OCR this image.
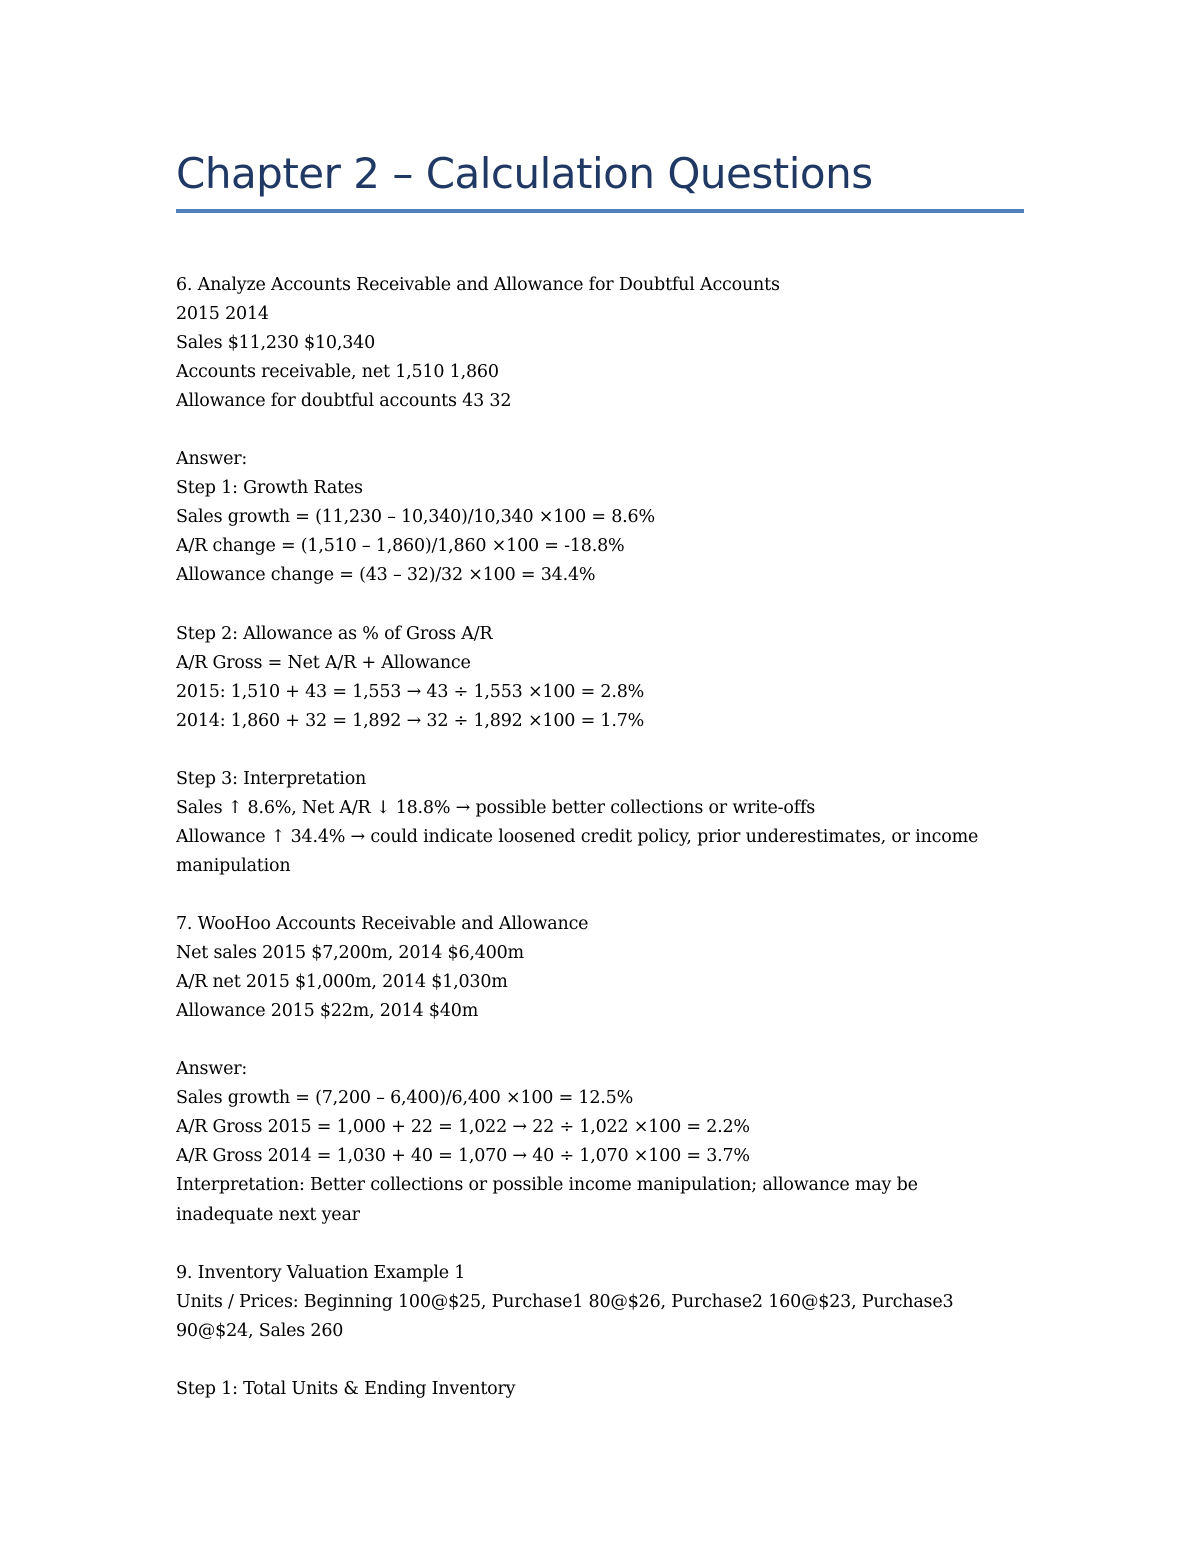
Chapter 2 – Calculation Questions
6. Analyze Accounts Receivable and Allowance for Doubtful Accounts
2015 2014
Sales $11,230 $10,340
Accounts receivable, net 1,510 1,860
Allowance for doubtful accounts 43 32
Answer:
Step 1: Growth Rates
Sales growth = (11,230 – 10,340)/10,340 ×100 = 8.6%
A/R change = (1,510 – 1,860)/1,860 ×100 = -18.8%
Allowance change = (43 – 32)/32 ×100 = 34.4%
Step 2: Allowance as % of Gross A/R
A/R Gross = Net A/R + Allowance
2015: 1,510 + 43 = 1,553 → 43 ÷ 1,553 ×100 = 2.8%
2014: 1,860 + 32 = 1,892 → 32 ÷ 1,892 ×100 = 1.7%
Step 3: Interpretation
Sales ↑ 8.6%, Net A/R ↓ 18.8% → possible better collections or write-offs
Allowance ↑ 34.4% → could indicate loosened credit policy, prior underestimates, or income
manipulation
7. WooHoo Accounts Receivable and Allowance
Net sales 2015 $7,200m, 2014 $6,400m
A/R net 2015 $1,000m, 2014 $1,030m
Allowance 2015 $22m, 2014 $40m
Answer:
Sales growth = (7,200 – 6,400)/6,400 ×100 = 12.5%
A/R Gross 2015 = 1,000 + 22 = 1,022 → 22 ÷ 1,022 ×100 = 2.2%
A/R Gross 2014 = 1,030 + 40 = 1,070 → 40 ÷ 1,070 ×100 = 3.7%
Interpretation: Better collections or possible income manipulation; allowance may be
inadequate next year
9. Inventory Valuation Example 1
Units / Prices: Beginning 100@$25, Purchase1 80@$26, Purchase2 160@$23, Purchase3
90@$24, Sales 260
Step 1: Total Units & Ending Inventory
